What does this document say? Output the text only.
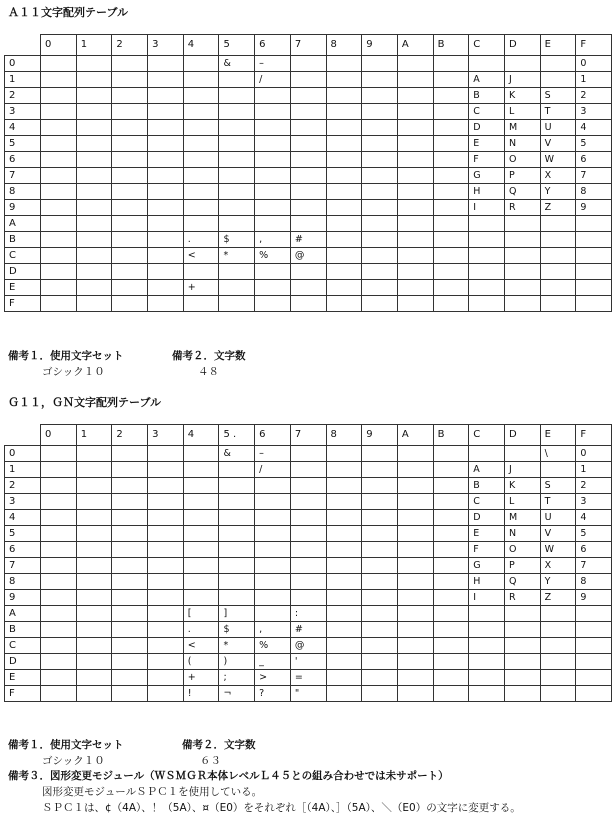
Ａ１１文字配列テーブル
	0	1	2	3	4	5	6	7	8	9	A	B	C	D	E	F
0						&	–									0
1							/						A	J		1
2													B	K	S	2
3													C	L	T	3
4													D	M	U	4
5													E	N	V	5
6													F	O	W	6
7													G	P	X	7
8													H	Q	Y	8
9													I	R	Z	9
A																
B					.	$	,	#								
C					<	*	%	@								
D																
E					+											
F																
備考１．使用文字セット	備考２．文字数
ゴシック１０	４８
Ｇ１１，ＧＮ文字配列テーブル
	0	1	2	3	4	5 .	6	7	8	9	A	B	C	D	E	F
0						&	–								\	0
1							/						A	J		1
2													B	K	S	2
3													C	L	T	3
4													D	M	U	4
5													E	N	V	5
6													F	O	W	6
7													G	P	X	7
8													H	Q	Y	8
9													I	R	Z	9
A					[	]		:								
B					.	$	,	#								
C					<	*	%	@								
D					(	)	_	'								
E					+	;	>	=								
F					!	¬	?	"								
備考１．使用文字セット	備考２．文字数
ゴシック１０	６３
備考３．図形変更モジュール（ＷＳＭＧＲ本体レベルＬ４５との組み合わせでは未サポート）
図形変更モジュールＳＰＣ１を使用している。
ＳＰＣ１は、¢（4A）、！（5A）、¤（E0）をそれぞれ［（4A）、］（5A）、＼（E0）の文字に変更する。
